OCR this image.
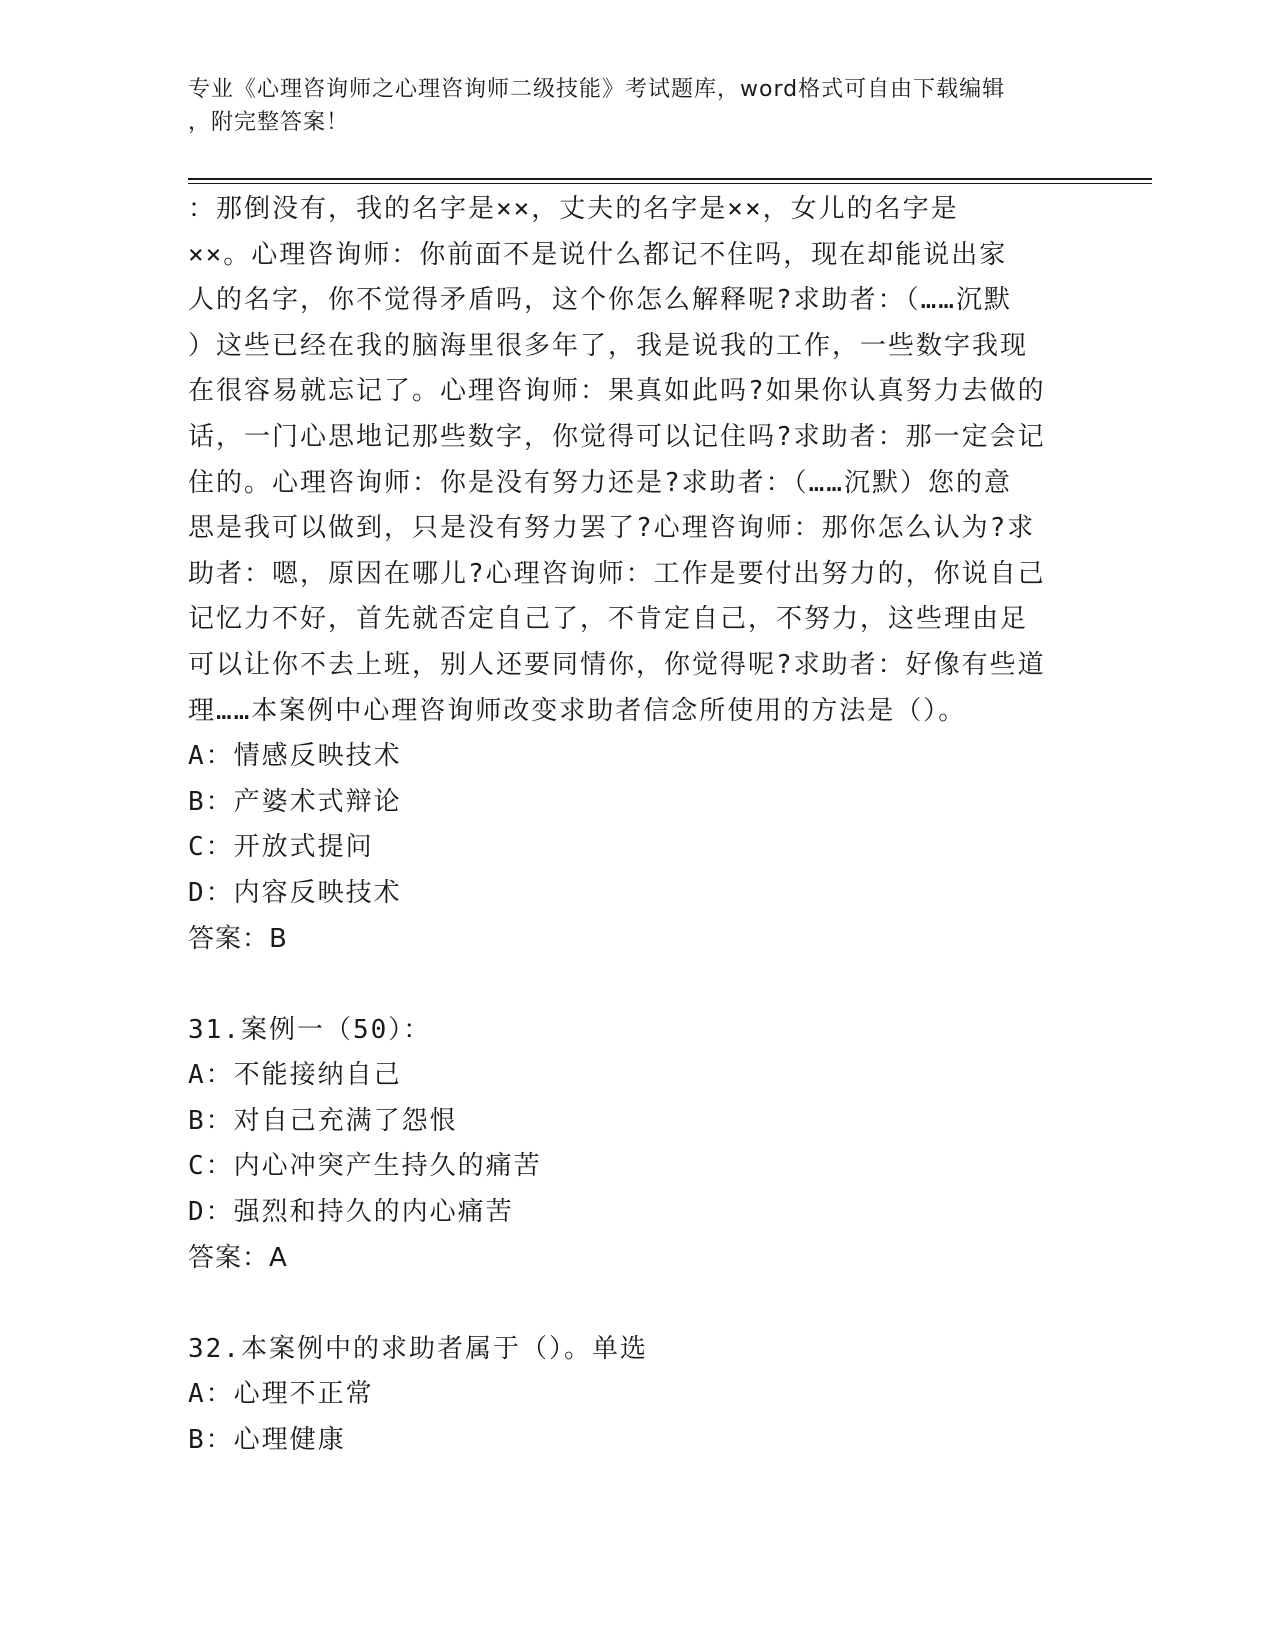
专业《心理咨询师之心理咨询师二级技能》考试题库，word格式可自由下载编辑
，附完整答案！
：那倒没有，我的名字是××，丈夫的名字是××，女儿的名字是
××。心理咨询师：你前面不是说什么都记不住吗，现在却能说出家
人的名字，你不觉得矛盾吗，这个你怎么解释呢?求助者：（……沉默
）这些已经在我的脑海里很多年了，我是说我的工作，一些数字我现
在很容易就忘记了。心理咨询师：果真如此吗?如果你认真努力去做的
话，一门心思地记那些数字，你觉得可以记住吗?求助者：那一定会记
住的。心理咨询师：你是没有努力还是?求助者：（……沉默）您的意
思是我可以做到，只是没有努力罢了?心理咨询师：那你怎么认为?求
助者：嗯，原因在哪儿?心理咨询师：工作是要付出努力的，你说自己
记忆力不好，首先就否定自己了，不肯定自己，不努力，这些理由足
可以让你不去上班，别人还要同情你，你觉得呢?求助者：好像有些道
理……本案例中心理咨询师改变求助者信念所使用的方法是（）。
A：情感反映技术
B：产婆术式辩论
C：开放式提问
D：内容反映技术
答案：B
31.案例一（50）：
A：不能接纳自己
B：对自己充满了怨恨
C：内心冲突产生持久的痛苦
D：强烈和持久的内心痛苦
答案：A
32.本案例中的求助者属于（）。单选
A：心理不正常
B：心理健康
